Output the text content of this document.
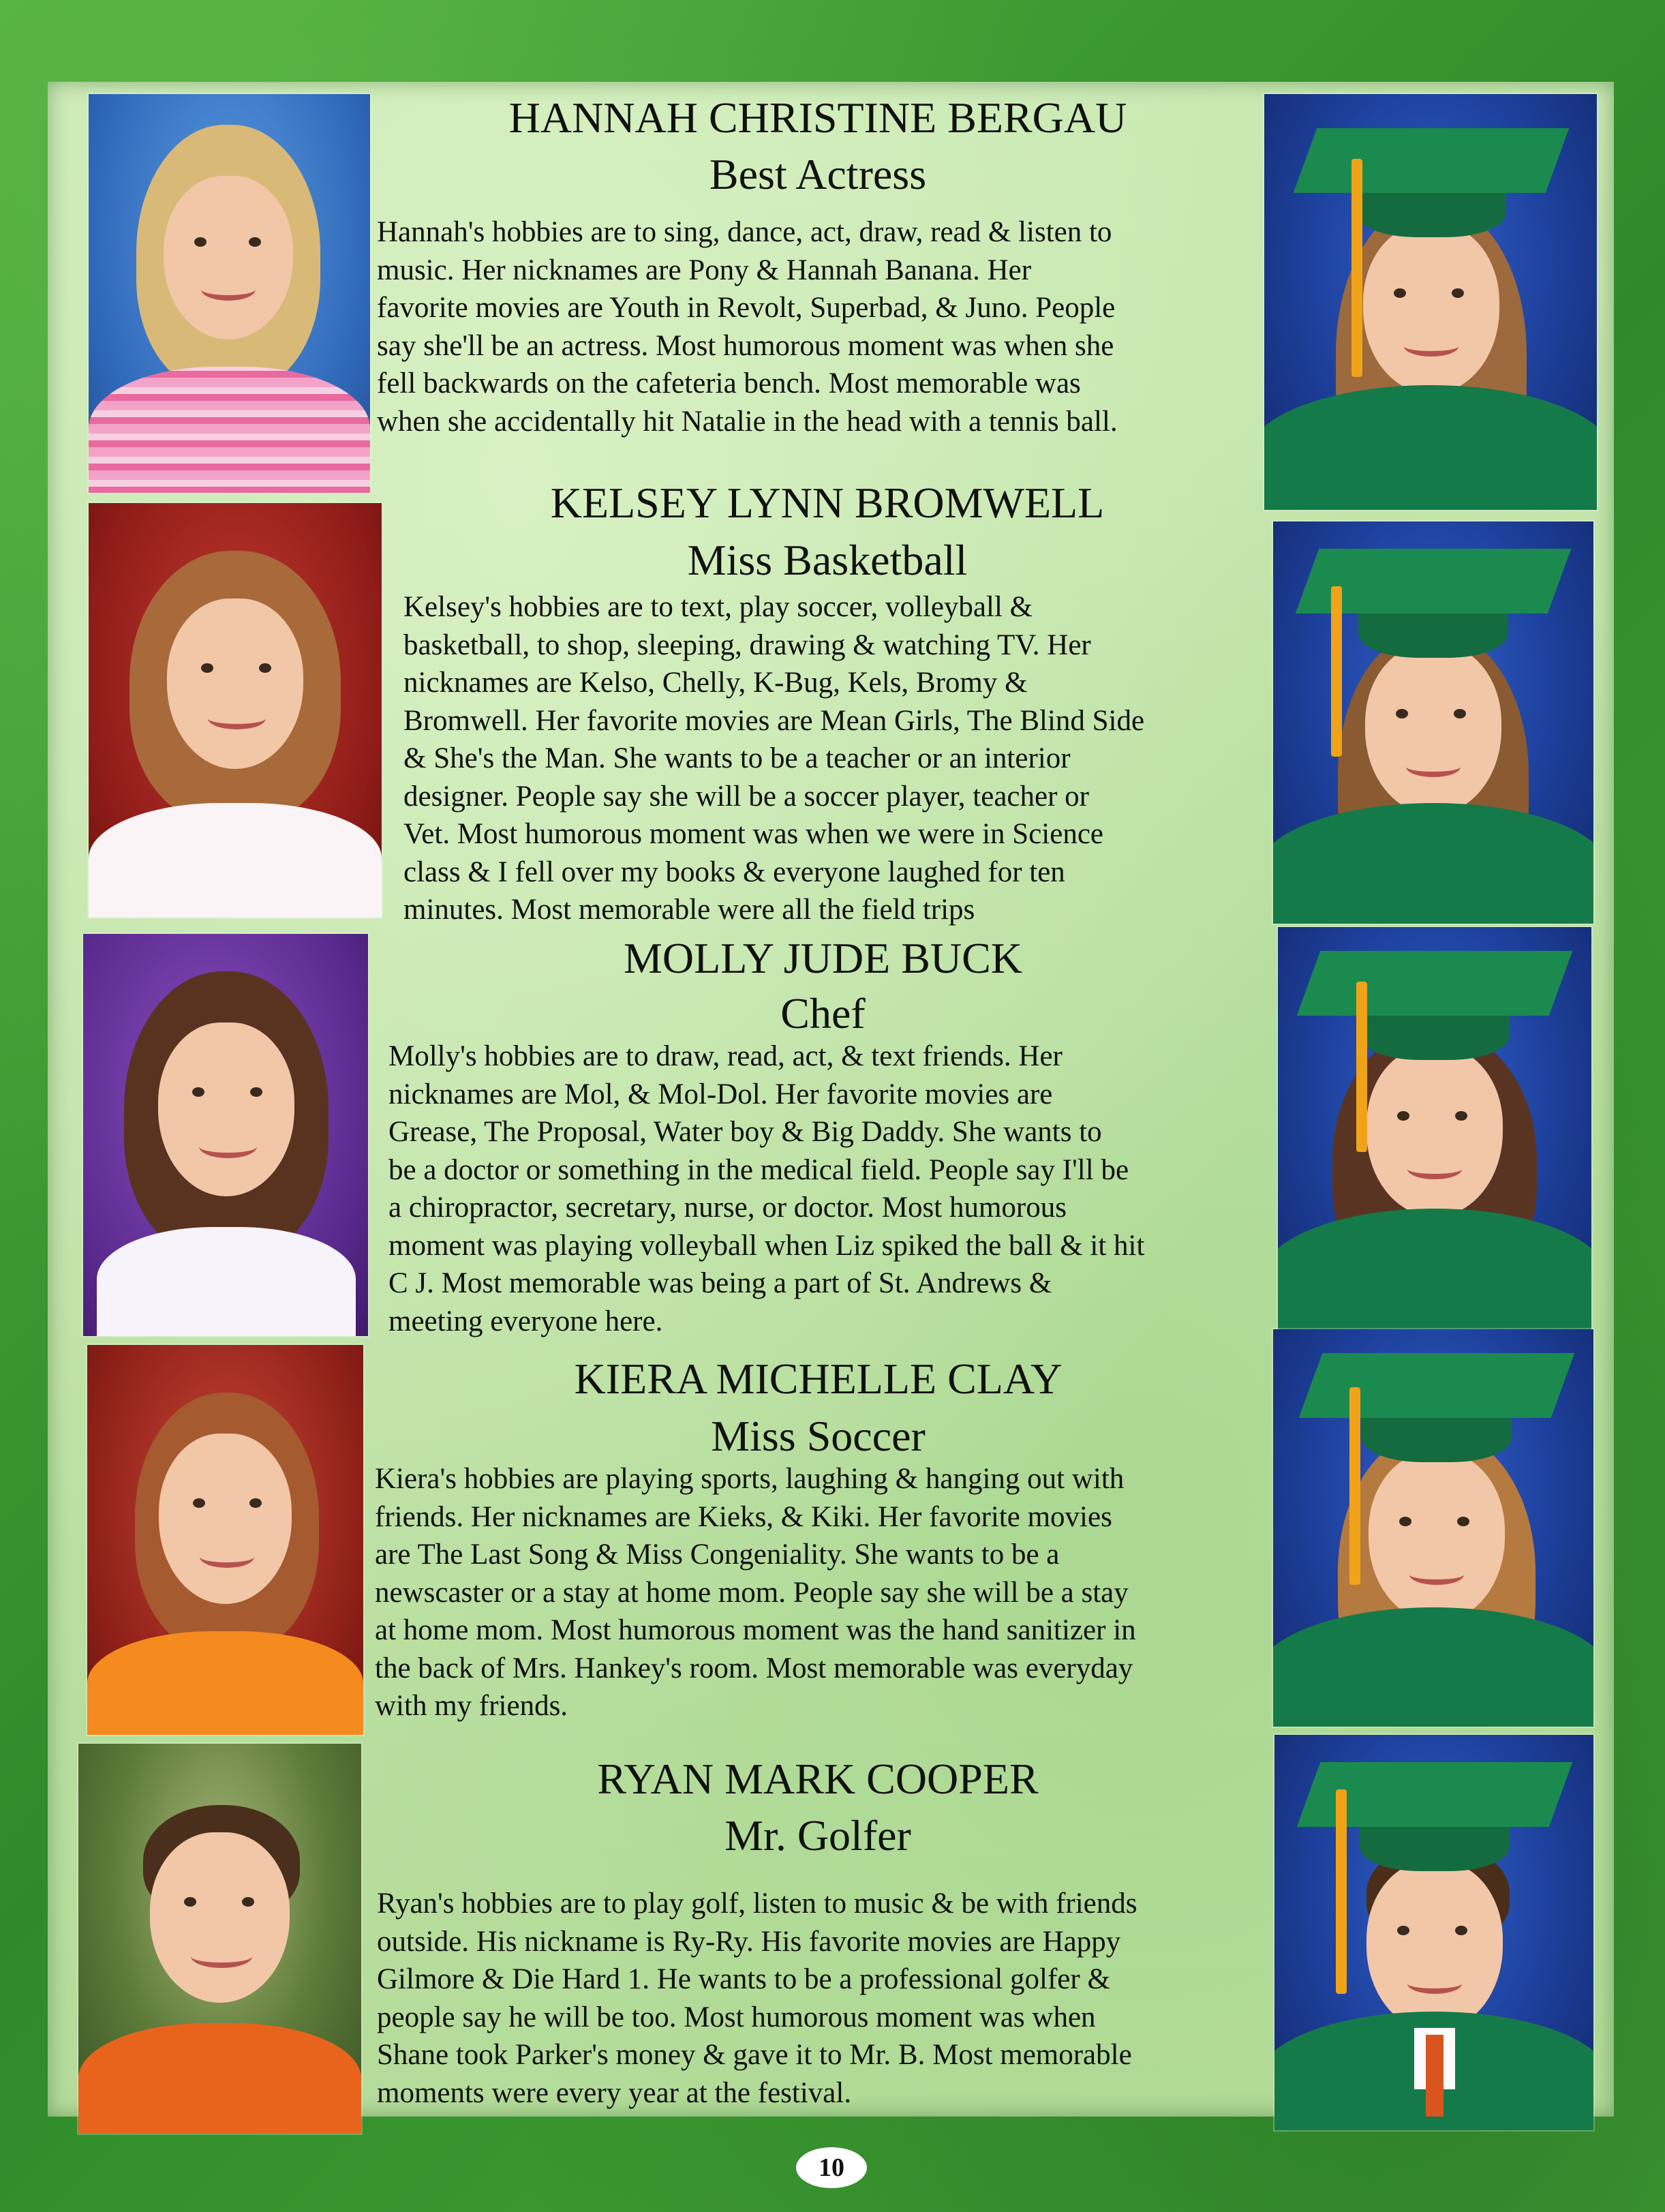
HANNAH CHRISTINE BERGAU
Best Actress
Hannah's hobbies are to sing, dance, act, draw, read & listen to
music. Her nicknames are Pony & Hannah Banana. Her
favorite movies are Youth in Revolt, Superbad, & Juno. People
say she'll be an actress. Most humorous moment was when she
fell backwards on the cafeteria bench. Most memorable was
when she accidentally hit Natalie in the head with a tennis ball.
KELSEY LYNN BROMWELL
Miss Basketball
Kelsey's hobbies are to text, play soccer, volleyball &
basketball, to shop, sleeping, drawing & watching TV. Her
nicknames are Kelso, Chelly, K-Bug, Kels, Bromy &
Bromwell. Her favorite movies are Mean Girls, The Blind Side
& She's the Man. She wants to be a teacher or an interior
designer. People say she will be a soccer player, teacher or
Vet. Most humorous moment was when we were in Science
class & I fell over my books & everyone laughed for ten
minutes. Most memorable were all the field trips
MOLLY JUDE BUCK
Chef
Molly's hobbies are to draw, read, act, & text friends. Her
nicknames are Mol, & Mol-Dol. Her favorite movies are
Grease, The Proposal, Water boy & Big Daddy. She wants to
be a doctor or something in the medical field. People say I'll be
a chiropractor, secretary, nurse, or doctor. Most humorous
moment was playing volleyball when Liz spiked the ball & it hit
C J. Most memorable was being a part of St. Andrews &
meeting everyone here.
KIERA MICHELLE CLAY
Miss Soccer
Kiera's hobbies are playing sports, laughing & hanging out with
friends. Her nicknames are Kieks, & Kiki. Her favorite movies
are The Last Song & Miss Congeniality. She wants to be a
newscaster or a stay at home mom. People say she will be a stay
at home mom. Most humorous moment was the hand sanitizer in
the back of Mrs. Hankey's room. Most memorable was everyday
with my friends.
RYAN MARK COOPER
Mr. Golfer
Ryan's hobbies are to play golf, listen to music & be with friends
outside. His nickname is Ry-Ry. His favorite movies are Happy
Gilmore & Die Hard 1. He wants to be a professional golfer &
people say he will be too. Most humorous moment was when
Shane took Parker's money & gave it to Mr. B. Most memorable
moments were every year at the festival.
10
